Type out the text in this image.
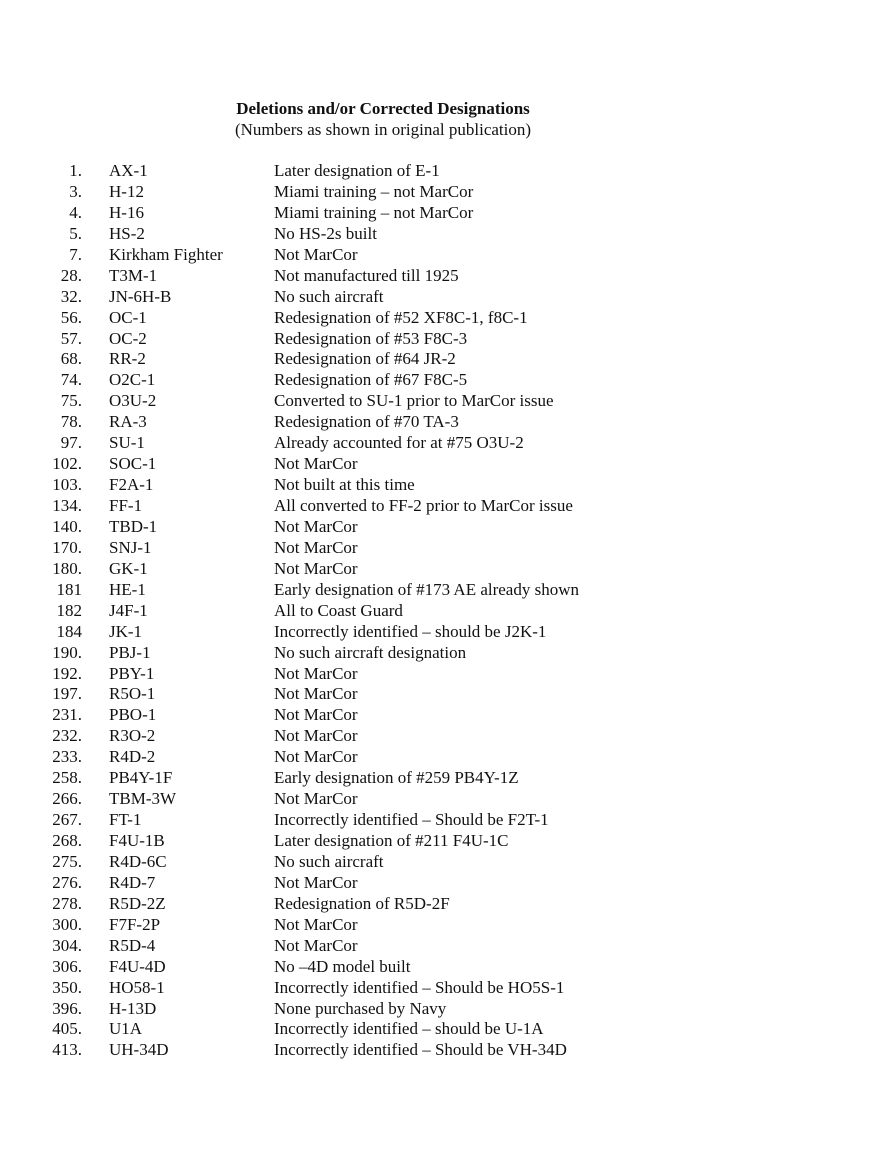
Deletions and/or Corrected Designations
(Numbers as shown in original publication)
1. AX-1	Later designation of E-1
3. H-12	Miami training – not MarCor
4. H-16	Miami training – not MarCor
5. HS-2	No HS-2s built
7. Kirkham Fighter	Not MarCor
28. T3M-1	Not manufactured till 1925
32. JN-6H-B	No such aircraft
56. OC-1	Redesignation of #52 XF8C-1, f8C-1
57. OC-2	Redesignation of #53 F8C-3
68. RR-2	Redesignation of #64 JR-2
74. O2C-1	Redesignation of #67 F8C-5
75. O3U-2	Converted to SU-1 prior to MarCor issue
78. RA-3	Redesignation of #70 TA-3
97. SU-1	Already accounted for at #75 O3U-2
102. SOC-1	Not MarCor
103. F2A-1	Not built at this time
134. FF-1	All converted to FF-2 prior to MarCor issue
140. TBD-1	Not MarCor
170. SNJ-1	Not MarCor
180. GK-1	Not MarCor
181 HE-1	Early designation of #173 AE already shown
182 J4F-1	All to Coast Guard
184 JK-1	Incorrectly identified – should be J2K-1
190. PBJ-1	No such aircraft designation
192. PBY-1	Not MarCor
197. R5O-1	Not MarCor
231. PBO-1	Not MarCor
232. R3O-2	Not MarCor
233. R4D-2	Not MarCor
258. PB4Y-1F	Early designation of #259 PB4Y-1Z
266. TBM-3W	Not MarCor
267. FT-1	Incorrectly identified – Should be F2T-1
268. F4U-1B	Later designation of #211 F4U-1C
275. R4D-6C	No such aircraft
276. R4D-7	Not MarCor
278. R5D-2Z	Redesignation of R5D-2F
300. F7F-2P	Not MarCor
304. R5D-4	Not MarCor
306. F4U-4D	No –4D model built
350. HO58-1	Incorrectly identified – Should be HO5S-1
396. H-13D	None purchased by Navy
405. U1A	Incorrectly identified – should be U-1A
413. UH-34D	Incorrectly identified – Should be VH-34D
